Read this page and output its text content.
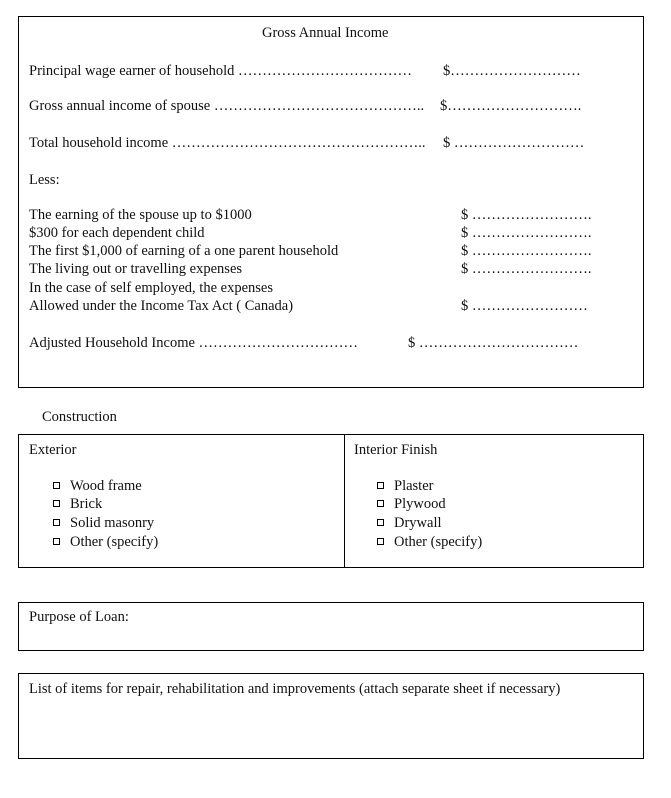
Gross Annual Income
Principal wage earner of household ……………………………… $………………………
Gross annual income of spouse …………………………………….. $……………………….
Total household income …………………………………………….. $ ………………………
Less:
The earning of the spouse up to $1000	$ …………………….
$300 for each dependent child	$ …………………….
The first $1,000 of earning of a one parent household	$ …………………….
The living out or travelling expenses	$ …………………….
In the case of self employed, the expenses
Allowed under the Income Tax Act ( Canada)	$ ……………………
Adjusted Household Income ……………………………	$ ……………………………
Construction
Exterior
Wood frame
Brick
Solid masonry
Other (specify)
Interior Finish
Plaster
Plywood
Drywall
Other (specify)
Purpose of Loan:
List of items for repair, rehabilitation and improvements (attach separate sheet if necessary)
